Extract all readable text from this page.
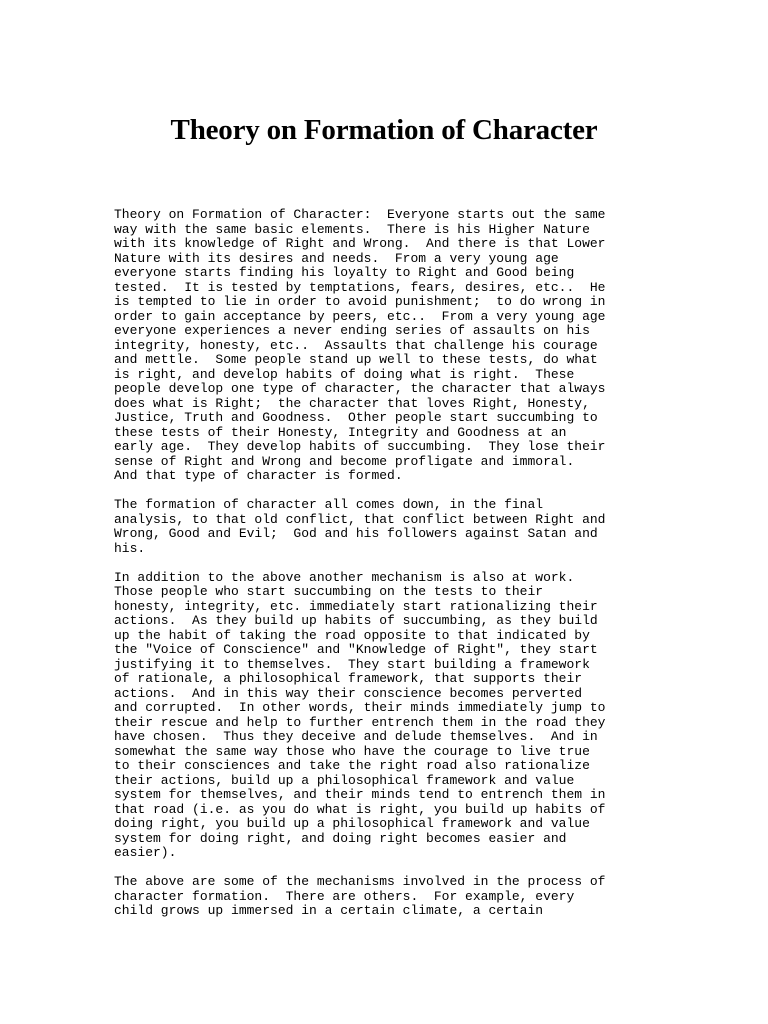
Theory on Formation of Character

Theory on Formation of Character:  Everyone starts out the same
way with the same basic elements.  There is his Higher Nature
with its knowledge of Right and Wrong.  And there is that Lower
Nature with its desires and needs.  From a very young age
everyone starts finding his loyalty to Right and Good being
tested.  It is tested by temptations, fears, desires, etc..  He
is tempted to lie in order to avoid punishment;  to do wrong in
order to gain acceptance by peers, etc..  From a very young age
everyone experiences a never ending series of assaults on his
integrity, honesty, etc..  Assaults that challenge his courage
and mettle.  Some people stand up well to these tests, do what
is right, and develop habits of doing what is right.  These
people develop one type of character, the character that always
does what is Right;  the character that loves Right, Honesty,
Justice, Truth and Goodness.  Other people start succumbing to
these tests of their Honesty, Integrity and Goodness at an
early age.  They develop habits of succumbing.  They lose their
sense of Right and Wrong and become profligate and immoral.
And that type of character is formed.

The formation of character all comes down, in the final
analysis, to that old conflict, that conflict between Right and
Wrong, Good and Evil;  God and his followers against Satan and
his.

In addition to the above another mechanism is also at work.
Those people who start succumbing on the tests to their
honesty, integrity, etc. immediately start rationalizing their
actions.  As they build up habits of succumbing, as they build
up the habit of taking the road opposite to that indicated by
the "Voice of Conscience" and "Knowledge of Right", they start
justifying it to themselves.  They start building a framework
of rationale, a philosophical framework, that supports their
actions.  And in this way their conscience becomes perverted
and corrupted.  In other words, their minds immediately jump to
their rescue and help to further entrench them in the road they
have chosen.  Thus they deceive and delude themselves.  And in
somewhat the same way those who have the courage to live true
to their consciences and take the right road also rationalize
their actions, build up a philosophical framework and value
system for themselves, and their minds tend to entrench them in
that road (i.e. as you do what is right, you build up habits of
doing right, you build up a philosophical framework and value
system for doing right, and doing right becomes easier and
easier).

The above are some of the mechanisms involved in the process of
character formation.  There are others.  For example, every
child grows up immersed in a certain climate, a certain
